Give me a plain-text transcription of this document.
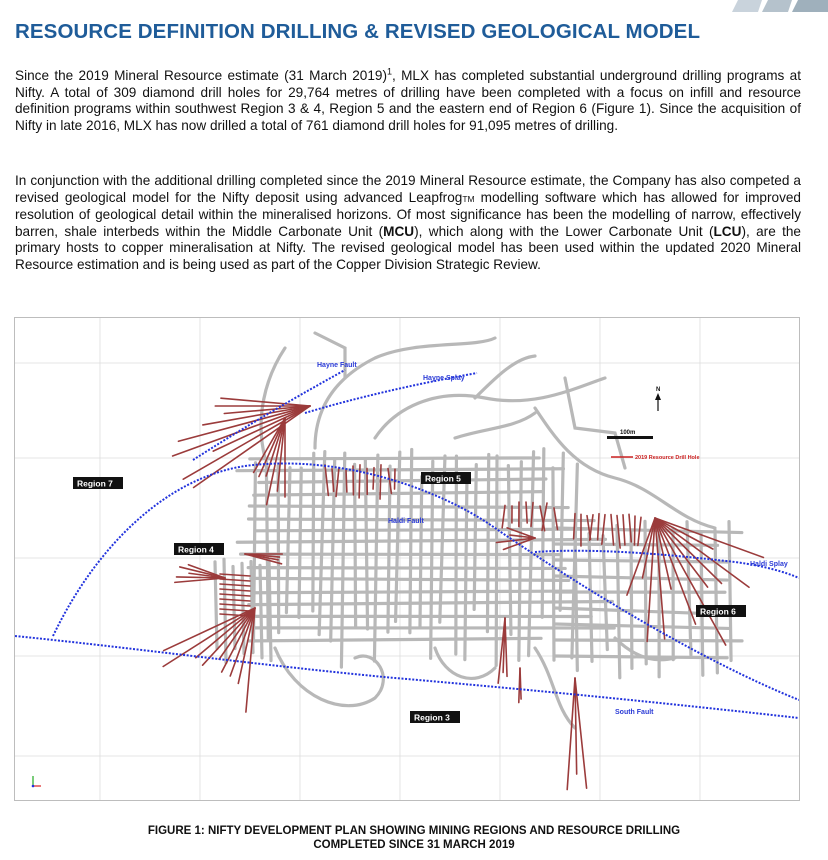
RESOURCE DEFINITION DRILLING & REVISED GEOLOGICAL MODEL

Since the 2019 Mineral Resource estimate (31 March 2019)$^1$, MLX has completed substantial underground drilling programs at Nifty. A total of 309 diamond drill holes for 29,764 metres of drilling have been completed with a focus on infill and resource definition programs within southwest Region 3 & 4, Region 5 and the eastern end of Region 6 (Figure 1). Since the acquisition of Nifty in late 2016, MLX has now drilled a total of 761 diamond drill holes for 91,095 metres of drilling.

In conjunction with the additional drilling completed since the 2019 Mineral Resource estimate, the Company has also competed a revised geological model for the Nifty deposit using advanced LeapfrogTM modelling software which has allowed for improved resolution of geological detail within the mineralised horizons. Of most significance has been the modelling of narrow, effectively barren, shale interbeds within the Middle Carbonate Unit (MCU), which along with the Lower Carbonate Unit (LCU), are the primary hosts to copper mineralisation at Nifty. The revised geological model has been used within the updated 2020 Mineral Resource estimation and is being used as part of the Copper Division Strategic Review.

Hayne Fault
Hayne Splay
Haldi Fault
Haldi Splay
South Fault
Region 7	Region 5
Region 4
Region 6
Region 3
N
100m
2019 Resource Drill Hole

FIGURE 1: NIFTY DEVELOPMENT PLAN SHOWING MINING REGIONS AND RESOURCE DRILLING
COMPLETED SINCE 31 MARCH 2019
